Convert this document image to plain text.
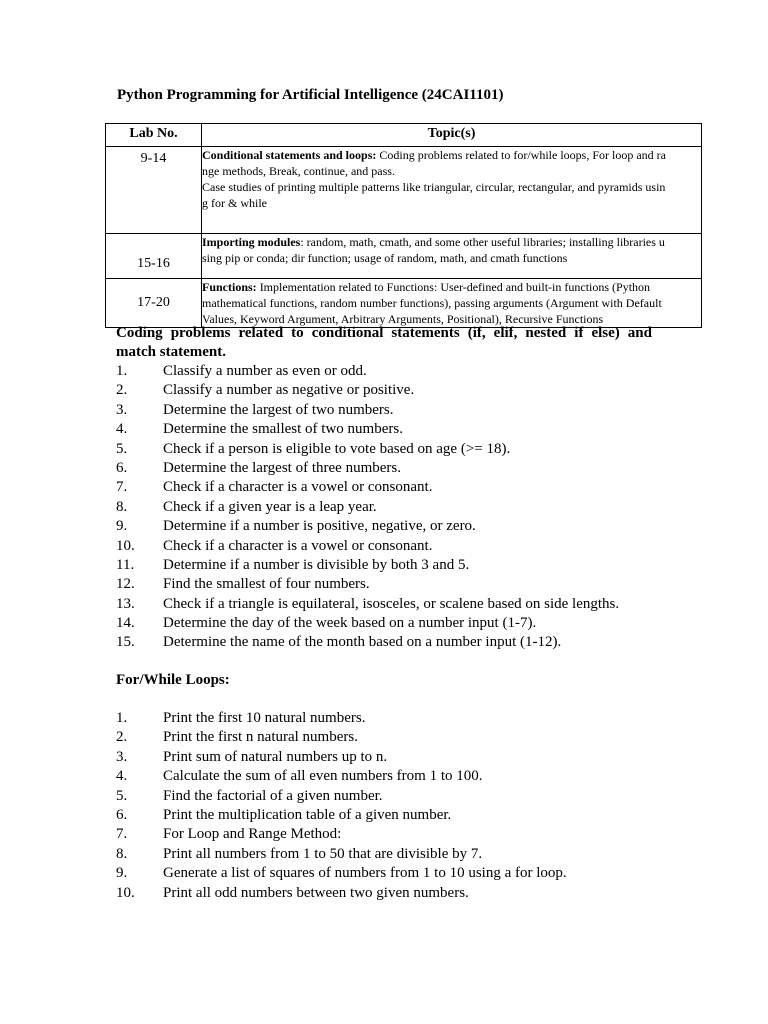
Python Programming for Artificial Intelligence (24CAI1101)
Lab No.	Topic(s)
9-14	Conditional statements and loops: Coding problems related to for/while loops, For loop and ra
nge methods, Break, continue, and pass.
Case studies of printing multiple patterns like triangular, circular, rectangular, and pyramids usin
g for & while

15-16	Importing modules: random, math, cmath, and some other useful libraries; installing libraries u
sing pip or conda; dir function; usage of random, math, and cmath functions

17-20	Functions: Implementation related to Functions: User-defined and built-in functions (Python
mathematical functions, random number functions), passing arguments (Argument with Default
Values, Keyword Argument, Arbitrary Arguments, Positional), Recursive Functions
Coding problems related to conditional statements (if, elif, nested if else) and
match statement.
1. Classify a number as even or odd.
2. Classify a number as negative or positive.
3. Determine the largest of two numbers.
4. Determine the smallest of two numbers.
5. Check if a person is eligible to vote based on age (>= 18).
6. Determine the largest of three numbers.
7. Check if a character is a vowel or consonant.
8. Check if a given year is a leap year.
9. Determine if a number is positive, negative, or zero.
10. Check if a character is a vowel or consonant.
11. Determine if a number is divisible by both 3 and 5.
12. Find the smallest of four numbers.
13. Check if a triangle is equilateral, isosceles, or scalene based on side lengths.
14. Determine the day of the week based on a number input (1-7).
15. Determine the name of the month based on a number input (1-12).
For/While Loops:
1. Print the first 10 natural numbers.
2. Print the first n natural numbers.
3. Print sum of natural numbers up to n.
4. Calculate the sum of all even numbers from 1 to 100.
5. Find the factorial of a given number.
6. Print the multiplication table of a given number.
7. For Loop and Range Method:
8. Print all numbers from 1 to 50 that are divisible by 7.
9. Generate a list of squares of numbers from 1 to 10 using a for loop.
10. Print all odd numbers between two given numbers.
